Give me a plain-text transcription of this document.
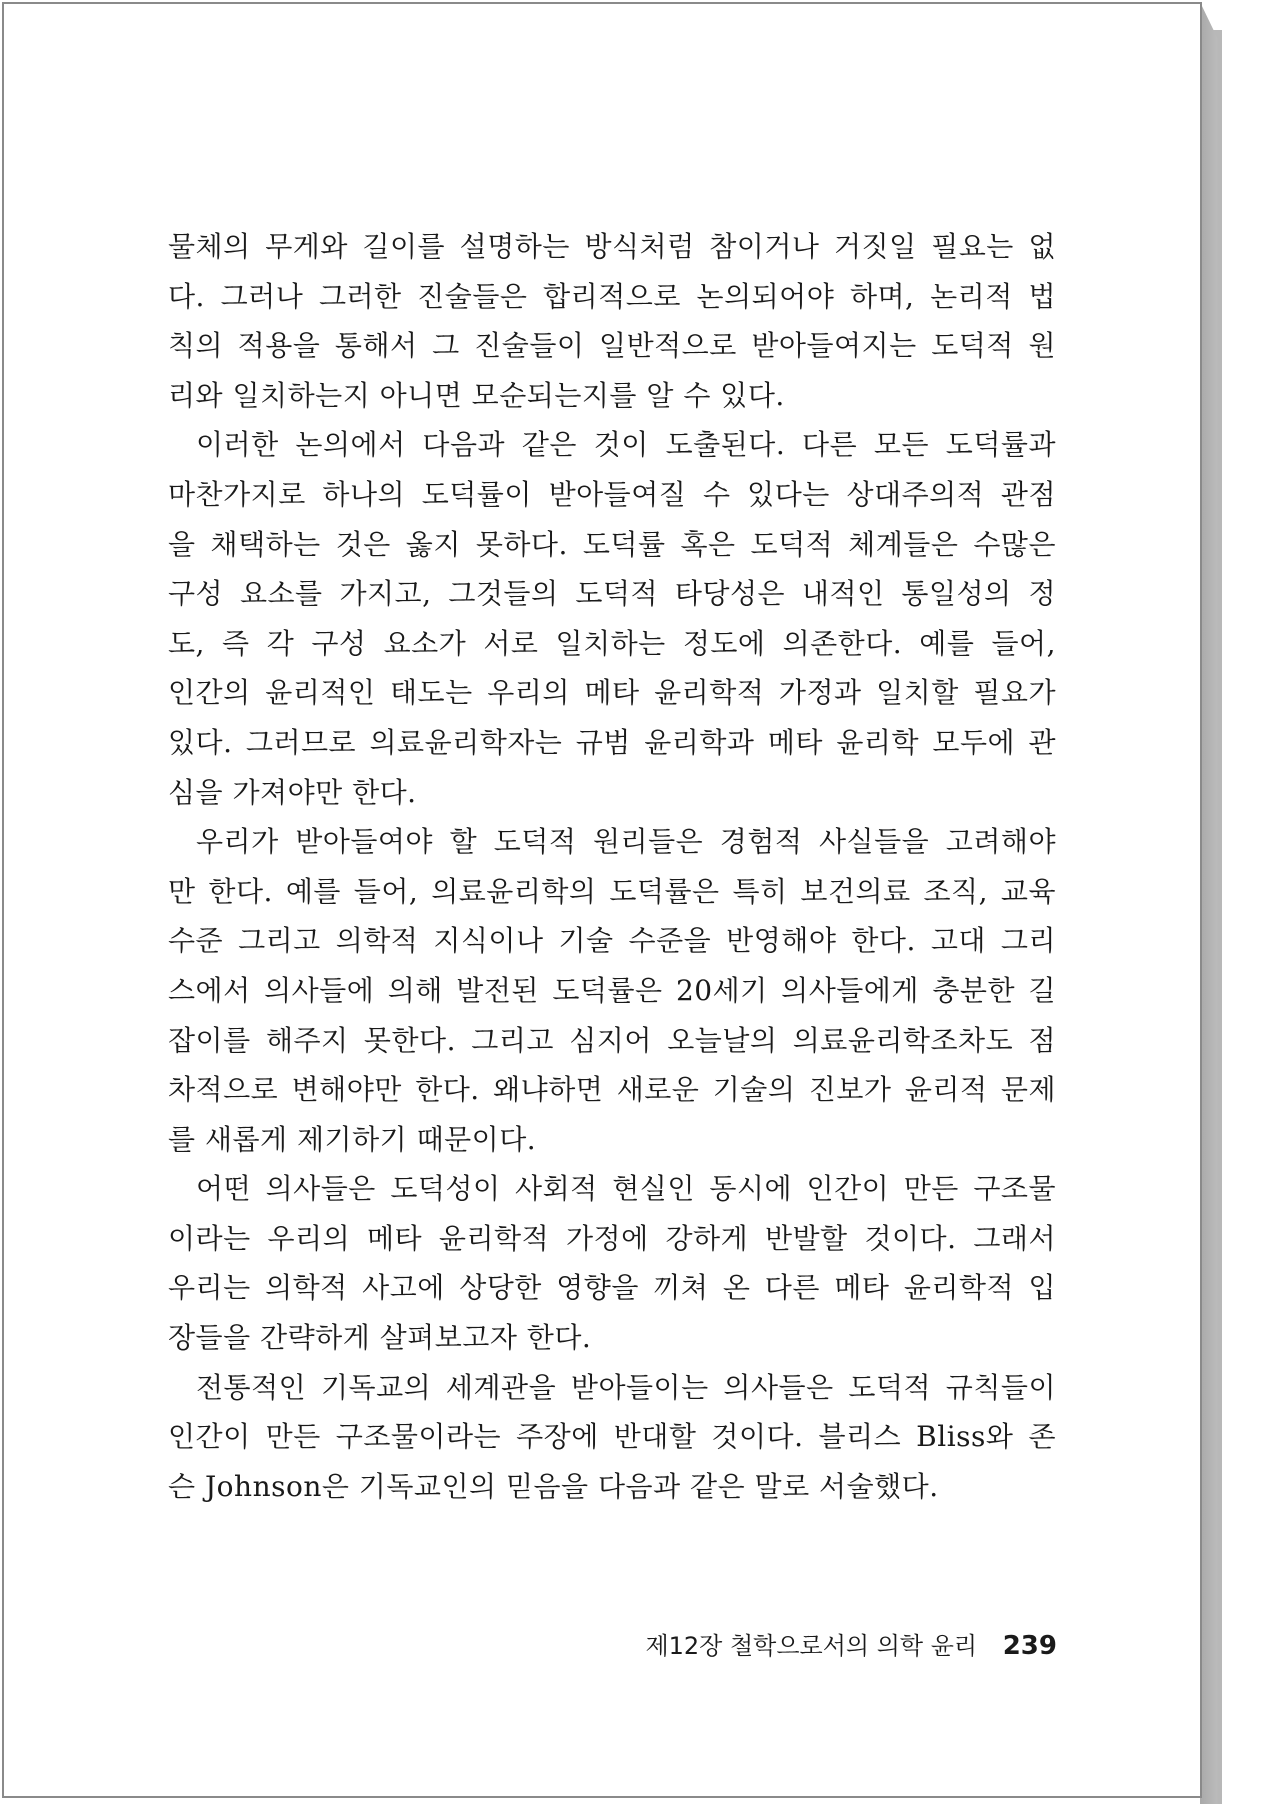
물체의 무게와 길이를 설명하는 방식처럼 참이거나 거짓일 필요는 없
다. 그러나 그러한 진술들은 합리적으로 논의되어야 하며, 논리적 법
칙의 적용을 통해서 그 진술들이 일반적으로 받아들여지는 도덕적 원
리와 일치하는지 아니면 모순되는지를 알 수 있다.

이러한 논의에서 다음과 같은 것이 도출된다. 다른 모든 도덕률과
마찬가지로 하나의 도덕률이 받아들여질 수 있다는 상대주의적 관점
을 채택하는 것은 옳지 못하다. 도덕률 혹은 도덕적 체계들은 수많은
구성 요소를 가지고, 그것들의 도덕적 타당성은 내적인 통일성의 정
도, 즉 각 구성 요소가 서로 일치하는 정도에 의존한다. 예를 들어,
인간의 윤리적인 태도는 우리의 메타 윤리학적 가정과 일치할 필요가
있다. 그러므로 의료윤리학자는 규범 윤리학과 메타 윤리학 모두에 관
심을 가져야만 한다.

우리가 받아들여야 할 도덕적 원리들은 경험적 사실들을 고려해야
만 한다. 예를 들어, 의료윤리학의 도덕률은 특히 보건의료 조직, 교육
수준 그리고 의학적 지식이나 기술 수준을 반영해야 한다. 고대 그리
스에서 의사들에 의해 발전된 도덕률은 20세기 의사들에게 충분한 길
잡이를 해주지 못한다. 그리고 심지어 오늘날의 의료윤리학조차도 점
차적으로 변해야만 한다. 왜냐하면 새로운 기술의 진보가 윤리적 문제
를 새롭게 제기하기 때문이다.

어떤 의사들은 도덕성이 사회적 현실인 동시에 인간이 만든 구조물
이라는 우리의 메타 윤리학적 가정에 강하게 반발할 것이다. 그래서
우리는 의학적 사고에 상당한 영향을 끼쳐 온 다른 메타 윤리학적 입
장들을 간략하게 살펴보고자 한다.

전통적인 기독교의 세계관을 받아들이는 의사들은 도덕적 규칙들이
인간이 만든 구조물이라는 주장에 반대할 것이다. 블리스 Bliss와 존
슨 Johnson은 기독교인의 믿음을 다음과 같은 말로 서술했다.

제12장 철학으로서의 의학 윤리 239
